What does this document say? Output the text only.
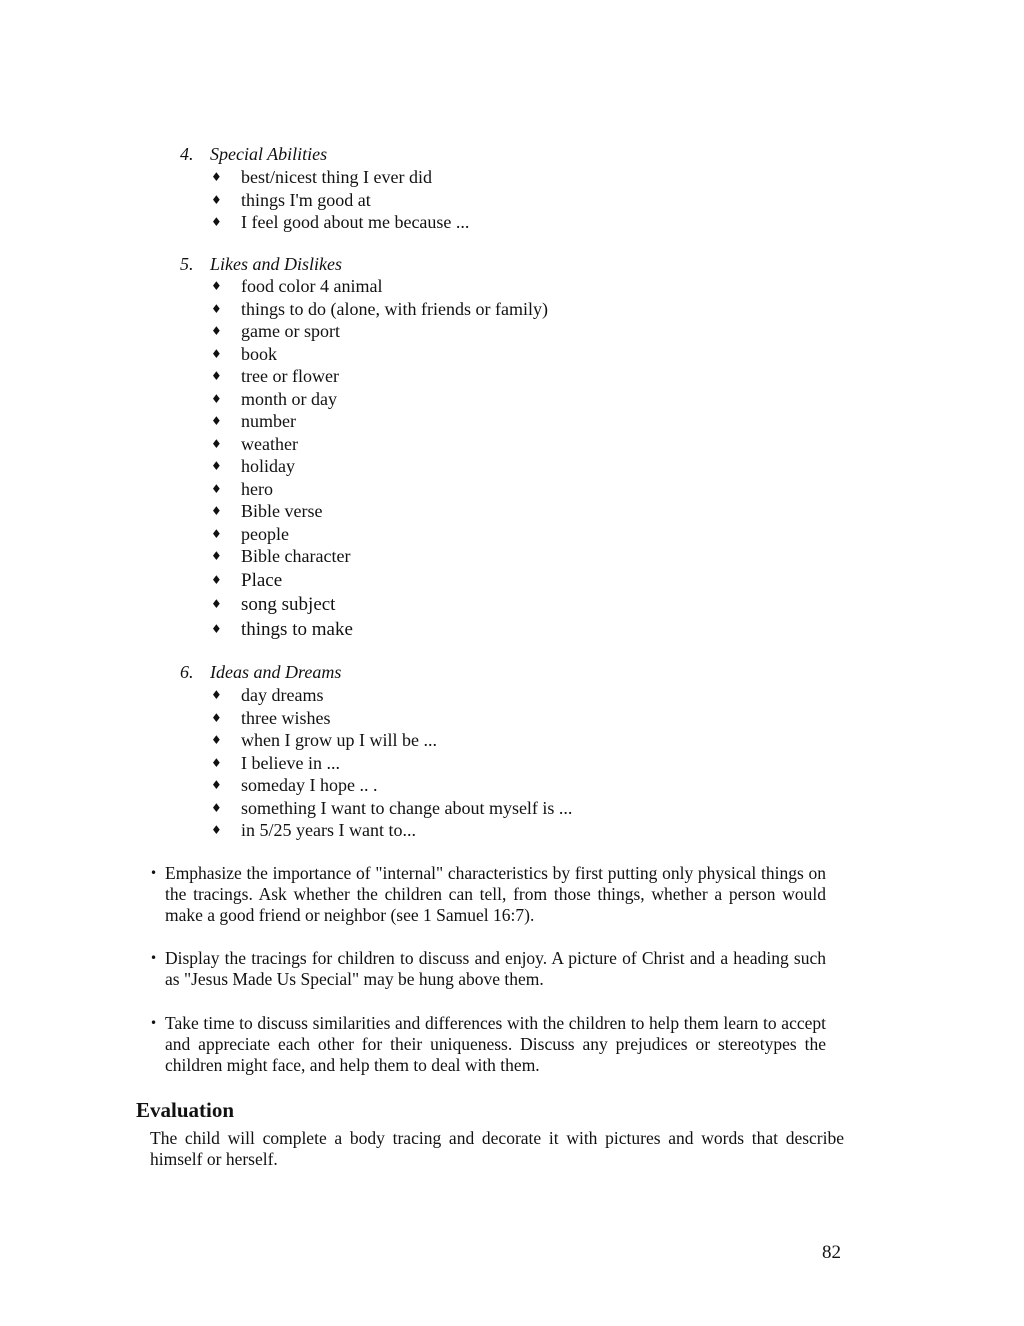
4. Special Abilities
♦ best/nicest thing I ever did
♦ things I'm good at
♦ I feel good about me because ...
5. Likes and Dislikes
♦ food color 4 animal
♦ things to do (alone, with friends or family)
♦ game or sport
♦ book
♦ tree or flower
♦ month or day
♦ number
♦ weather
♦ holiday
♦ hero
♦ Bible verse
♦ people
♦ Bible character
♦ Place
♦ song subject
♦ things to make
6. Ideas and Dreams
♦ day dreams
♦ three wishes
♦ when I grow up I will be ...
♦ I believe in ...
♦ someday I hope .. .
♦ something I want to change about myself is ...
♦ in 5/25 years I want to...
• Emphasize the importance of "internal" characteristics by first putting only physical things on the tracings. Ask whether the children can tell, from those things, whether a person would make a good friend or neighbor (see 1 Samuel 16:7).
• Display the tracings for children to discuss and enjoy. A picture of Christ and a heading such as "Jesus Made Us Special" may be hung above them.
• Take time to discuss similarities and differences with the children to help them learn to accept and appreciate each other for their uniqueness. Discuss any prejudices or stereotypes the children might face, and help them to deal with them.
Evaluation
The child will complete a body tracing and decorate it with pictures and words that describe himself or herself.
82
